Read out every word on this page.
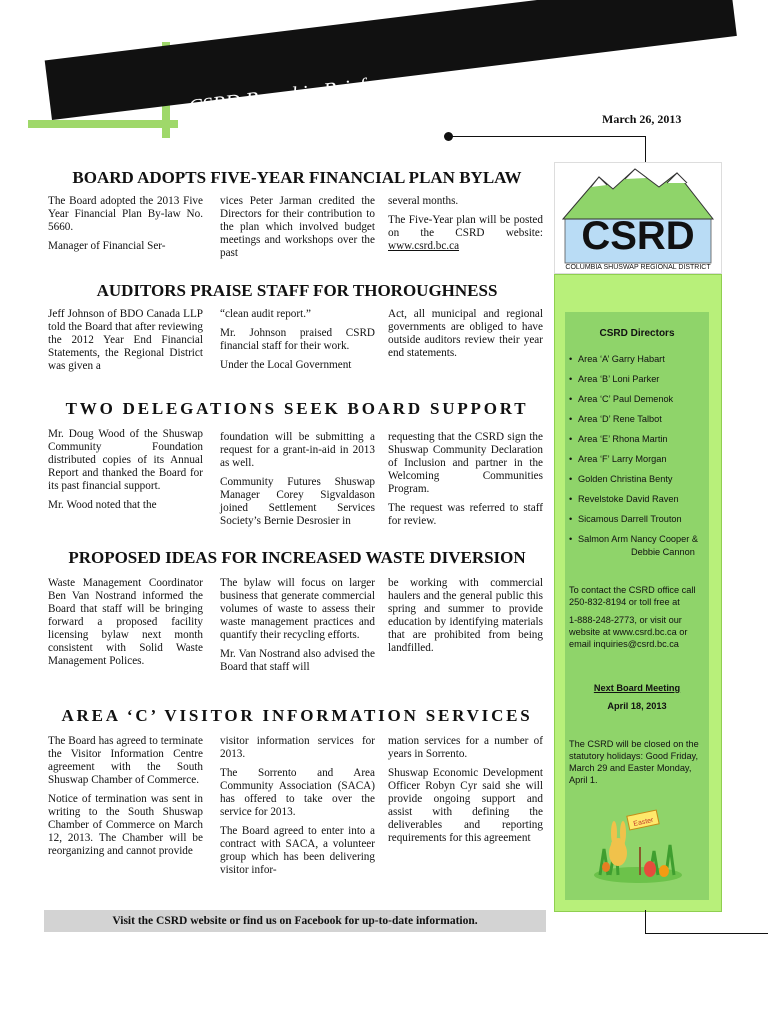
CSRD Board in Brief	March 26, 2013
BOARD ADOPTS FIVE-YEAR FINANCIAL PLAN BYLAW

The Board adopted the 2013 Five Year Financial Plan By-law No. 5660.

Manager of Financial Ser-

vices Peter Jarman credited the Directors for their contribution to the plan which involved budget meetings and workshops over the past

several months.

The Five-Year plan will be posted on the CSRD website: www.csrd.bc.ca

AUDITORS PRAISE STAFF FOR THOROUGHNESS

Jeff Johnson of BDO Canada LLP told the Board that after reviewing the 2012 Year End Financial Statements, the Regional District was given a

“clean audit report.”

Mr. Johnson praised CSRD financial staff for their work.

Under the Local Government

Act, all municipal and regional governments are obliged to have outside auditors review their year end statements.

TWO DELEGATIONS SEEK BOARD SUPPORT

Mr. Doug Wood of the Shuswap Community Foundation distributed copies of its Annual Report and thanked the Board for its past financial support.

Mr. Wood noted that the

foundation will be submitting a request for a grant-in-aid in 2013 as well.

Community Futures Shuswap Manager Corey Sigvaldason joined Settlement Services Society’s Bernie Desrosier in

requesting that the CSRD sign the Shuswap Community Declaration of Inclusion and partner in the Welcoming Communities Program.

The request was referred to staff for review.

PROPOSED IDEAS FOR INCREASED WASTE DIVERSION

Waste Management Coordinator Ben Van Nostrand informed the Board that staff will be bringing forward a proposed facility licensing bylaw next month consistent with Solid Waste Management Polices.

The bylaw will focus on larger business that generate commercial volumes of waste to assess their waste management practices and quantify their recycling efforts.

Mr. Van Nostrand also advised the Board that staff will

be working with commercial haulers and the general public this spring and summer to provide education by identifying materials that are prohibited from being landfilled.

AREA ‘C’ VISITOR INFORMATION SERVICES

The Board has agreed to terminate the Visitor Information Centre agreement with the South Shuswap Chamber of Commerce.

Notice of termination was sent in writing to the South Shuswap Chamber of Commerce on March 12, 2013. The Chamber will be reorganizing and cannot provide

visitor information services for 2013.

The Sorrento and Area Community Association (SACA) has offered to take over the service for 2013.

The Board agreed to enter into a contract with SACA, a volunteer group which has been delivering visitor infor-

mation services for a number of years in Sorrento.

Shuswap Economic Development Officer Robyn Cyr said she will provide ongoing support and assist with defining the deliverables and reporting requirements for this agreement

CSRD
COLUMBIA SHUSWAP REGIONAL DISTRICT
CSRD Directors
• Area ‘A’ Garry Habart
• Area ‘B’ Loni Parker
• Area ‘C’ Paul Demenok
• Area ‘D’ Rene Talbot
• Area ‘E’ Rhona Martin
• Area ‘F’ Larry Morgan
• Golden Christina Benty
• Revelstoke David Raven
• Sicamous Darrell Trouton
• Salmon Arm Nancy Cooper &
Debbie Cannon

To contact the CSRD office call 250-832-8194 or toll free at

1-888-248-2773, or visit our website at www.csrd.bc.ca or email inquiries@csrd.bc.ca

Next Board Meeting
April 18, 2013
The CSRD will be closed on the statutory holidays: Good Friday, March 29 and Easter Monday, April 1.
Easter
Visit the CSRD website or find us on Facebook for up-to-date information.
